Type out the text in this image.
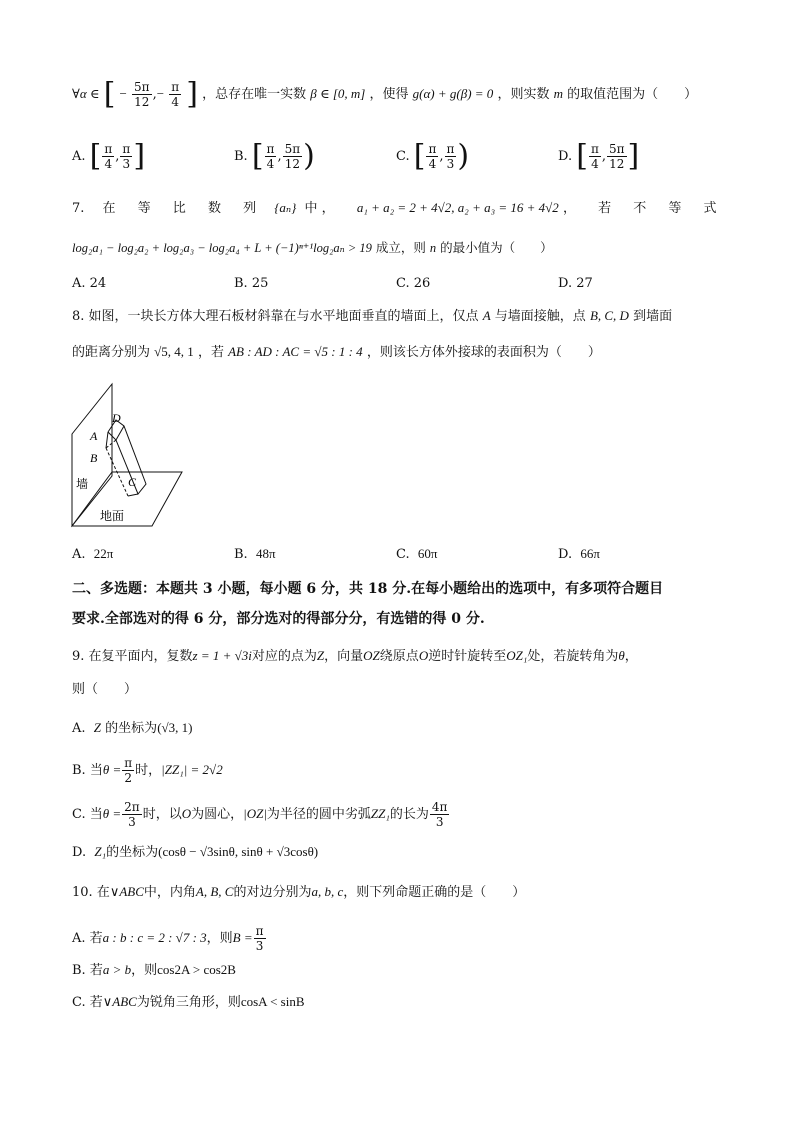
∀α ∈ [ − $\frac{5\pi}{12}$ ,− $\frac{\pi}{4}$ ] ，总存在唯一实数 β ∈ [0, m] ，使得 g(α) + g(β) = 0 ，则实数 m 的取值范围为（　　）
A. [ $\frac{\pi}{4}$ , $\frac{\pi}{3}$ ]	B. [ $\frac{\pi}{4}$ , $\frac{5\pi}{12}$ )	C. [ $\frac{\pi}{4}$ , $\frac{\pi}{3}$ )	D. [ $\frac{\pi}{4}$ , $\frac{5\pi}{12}$ ]
7. 在 等 比 数 列 {aₙ} 中 ， a₁ + a₂ = 2 + 4√2, a₂ + a₃ = 16 + 4√2 ， 若 不 等 式
log₂a₁ − log₂a₂ + log₂a₃ − log₂a₄ + L + (−1)ⁿ⁺¹log₂aₙ > 19 成立，则 n 的最小值为（　　）
A. 24	B. 25	C. 26	D. 27
8. 如图，一块长方体大理石板材斜靠在与水平地面垂直的墙面上，仅点 A 与墙面接触，点 B, C, D 到墙面
的距离分别为 √5, 4, 1 ，若 AB : AD : AC = √5 : 1 : 4 ，则该长方体外接球的表面积为（　　）
D
A
B
C
墙
地面
A. 22π	B. 48π	C. 60π	D. 66π
二、多选题：本题共 3 小题，每小题 6 分，共 18 分.在每小题给出的选项中，有多项符合题目
要求.全部选对的得 6 分，部分选对的得部分分，有选错的得 0 分.
9. 在复平面内，复数z = 1 + √3i对应的点为Z，向量OZ绕原点O逆时针旋转至OZ₁处，若旋转角为θ，
则（　　）
A. Z 的坐标为(√3, 1)
B. 当$\theta = \frac{\pi}{2}$ 时，|ZZ₁| = 2√2
C. 当$\theta = \frac{2\pi}{3}$ 时，以O为圆心，|OZ|为半径的圆中劣弧ZZ₁的长为 $\frac{4\pi}{3}$
D. Z₁的坐标为(cosθ − √3sinθ, sinθ + √3cosθ)
10. 在∨ABC中，内角A, B, C的对边分别为a, b, c，则下列命题正确的是（　　）
A. 若a : b : c = 2 : √7 : 3，则$B = \frac{\pi}{3}$
B. 若a > b，则cos2A > cos2B
C. 若∨ABC为锐角三角形，则cosA < sinB
